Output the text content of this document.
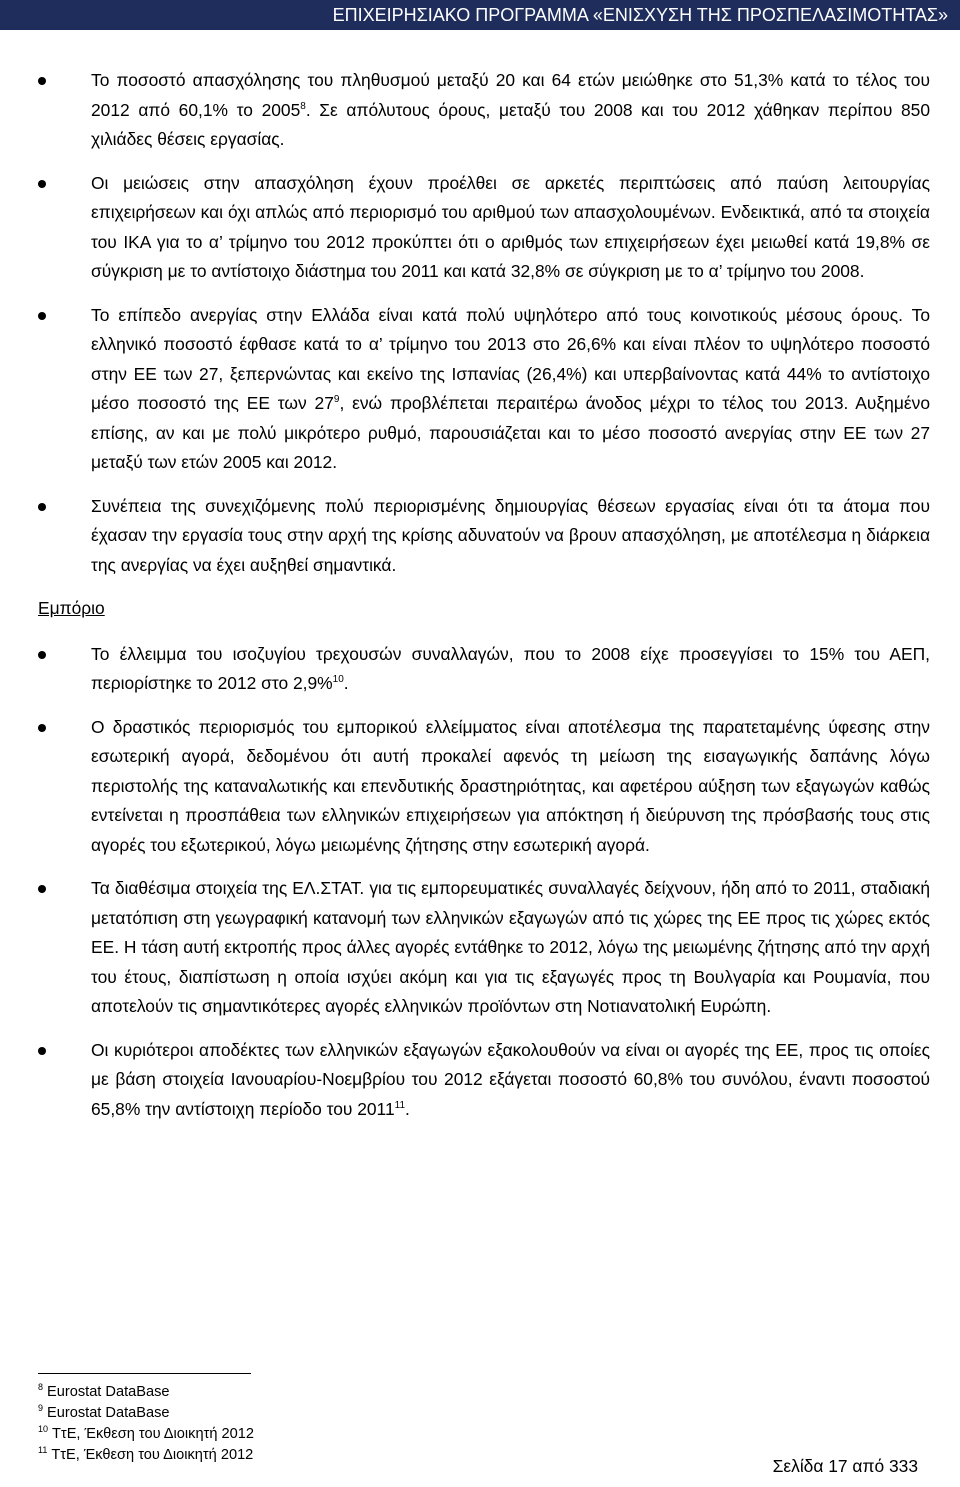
ΕΠΙΧΕΙΡΗΣΙΑΚΟ ΠΡΟΓΡΑΜΜΑ «ΕΝΙΣΧΥΣΗ ΤΗΣ ΠΡΟΣΠΕΛΑΣΙΜΟΤΗΤΑΣ»
Το ποσοστό απασχόλησης του πληθυσμού μεταξύ 20 και 64 ετών μειώθηκε στο 51,3% κατά το τέλος του 2012 από 60,1% το 2005$^8$. Σε απόλυτους όρους, μεταξύ του 2008 και του 2012 χάθηκαν περίπου 850 χιλιάδες θέσεις εργασίας.
Οι μειώσεις στην απασχόληση έχουν προέλθει σε αρκετές περιπτώσεις από παύση λειτουργίας επιχειρήσεων και όχι απλώς από περιορισμό του αριθμού των απασχολουμένων. Ενδεικτικά, από τα στοιχεία του ΙΚΑ για το α’ τρίμηνο του 2012 προκύπτει ότι ο αριθμός των επιχειρήσεων έχει μειωθεί κατά 19,8% σε σύγκριση με το αντίστοιχο διάστημα του 2011 και κατά 32,8% σε σύγκριση με το α’ τρίμηνο του 2008.
Το επίπεδο ανεργίας στην Ελλάδα είναι κατά πολύ υψηλότερο από τους κοινοτικούς μέσους όρους. Το ελληνικό ποσοστό έφθασε κατά το α’ τρίμηνο του 2013 στο 26,6% και είναι πλέον το υψηλότερο ποσοστό στην ΕΕ των 27, ξεπερνώντας και εκείνο της Ισπανίας (26,4%) και υπερβαίνοντας κατά 44% το αντίστοιχο μέσο ποσοστό της ΕΕ των $27^9$, ενώ προβλέπεται περαιτέρω άνοδος μέχρι το τέλος του 2013. Αυξημένο επίσης, αν και με πολύ μικρότερο ρυθμό, παρουσιάζεται και το μέσο ποσοστό ανεργίας στην ΕΕ των 27 μεταξύ των ετών 2005 και 2012.
Συνέπεια της συνεχιζόμενης πολύ περιορισμένης δημιουργίας θέσεων εργασίας είναι ότι τα άτομα που έχασαν την εργασία τους στην αρχή της κρίσης αδυνατούν να βρουν απασχόληση, με αποτέλεσμα η διάρκεια της ανεργίας να έχει αυξηθεί σημαντικά.
Εμπόριο
Το έλλειμμα του ισοζυγίου τρεχουσών συναλλαγών, που το 2008 είχε προσεγγίσει το 15% του ΑΕΠ, περιορίστηκε το 2012 στο 2,9%$^{10}$.
Ο δραστικός περιορισμός του εμπορικού ελλείμματος είναι αποτέλεσμα της παρατεταμένης ύφεσης στην εσωτερική αγορά, δεδομένου ότι αυτή προκαλεί αφενός τη μείωση της εισαγωγικής δαπάνης λόγω περιστολής της καταναλωτικής και επενδυτικής δραστηριότητας, και αφετέρου αύξηση των εξαγωγών καθώς εντείνεται η προσπάθεια των ελληνικών επιχειρήσεων για απόκτηση ή διεύρυνση της πρόσβασής τους στις αγορές του εξωτερικού, λόγω μειωμένης ζήτησης στην εσωτερική αγορά.
Τα διαθέσιμα στοιχεία της ΕΛ.ΣΤΑΤ. για τις εμπορευματικές συναλλαγές δείχνουν, ήδη από το 2011, σταδιακή μετατόπιση στη γεωγραφική κατανομή των ελληνικών εξαγωγών από τις χώρες της ΕΕ προς τις χώρες εκτός ΕΕ. Η τάση αυτή εκτροπής προς άλλες αγορές εντάθηκε το 2012, λόγω της μειωμένης ζήτησης από την αρχή του έτους, διαπίστωση η οποία ισχύει ακόμη και για τις εξαγωγές προς τη Βουλγαρία και Ρουμανία, που αποτελούν τις σημαντικότερες αγορές ελληνικών προϊόντων στη Νοτιανατολική Ευρώπη.
Οι κυριότεροι αποδέκτες των ελληνικών εξαγωγών εξακολουθούν να είναι οι αγορές της ΕΕ, προς τις οποίες με βάση στοιχεία Ιανουαρίου-Νοεμβρίου του 2012 εξάγεται ποσοστό 60,8% του συνόλου, έναντι ποσοστού 65,8% την αντίστοιχη περίοδο του 2011$^{11}$.
$^8$ Eurostat DataBase
$^9$ Eurostat DataBase
$^{10}$ ΤτΕ, Έκθεση του Διοικητή 2012
$^{11}$ ΤτΕ, Έκθεση του Διοικητή 2012
Σελίδα 17 από 333
